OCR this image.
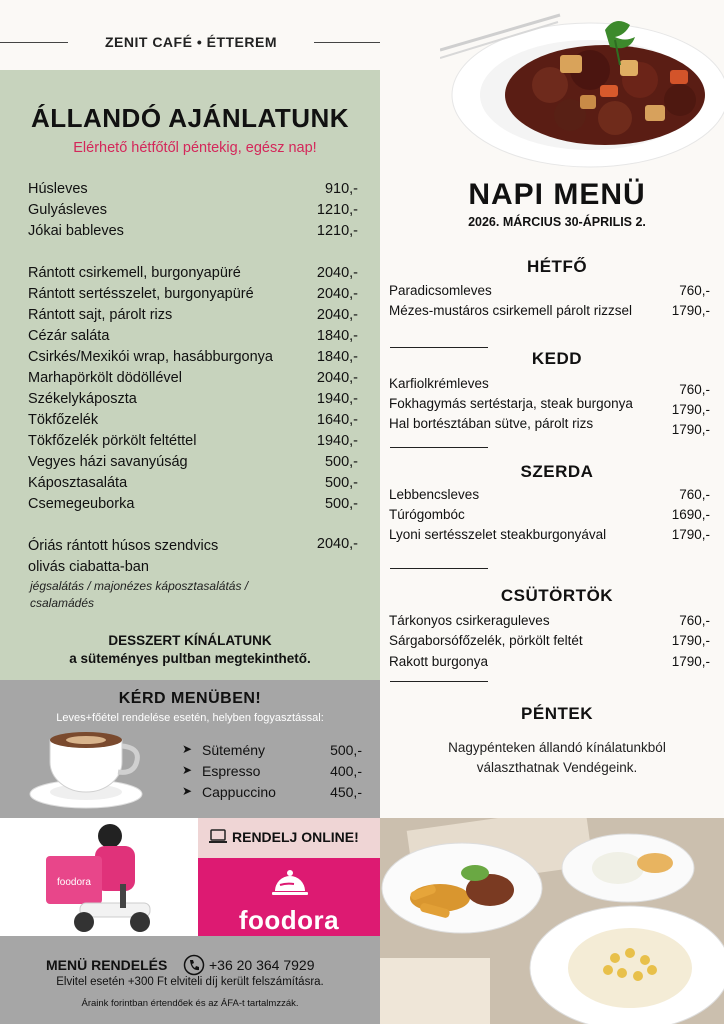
ZENIT CAFÉ • ÉTTEREM
ÁLLANDÓ AJÁNLATUNK
Elérhető hétfőtől péntekig, egész nap!
Húsleves	910,-
Gulyásleves	1210,-
Jókai bableves	1210,-
Rántott csirkemell, burgonyapüré	2040,-
Rántott sertésszelet, burgonyapüré	2040,-
Rántott sajt, párolt rizs	2040,-
Cézár saláta	1840,-
Csirkés/Mexikói wrap, hasábburgonya	1840,-
Marhapörkölt dödöllével	2040,-
Székelykáposzta	1940,-
Tökfőzelék	1640,-
Tökfőzelék pörkölt feltéttel	1940,-
Vegyes házi savanyúság	500,-
Káposztasaláta	500,-
Csemegeuborka	500,-
Óriás rántott húsos szendvics	2040,-
olivás ciabatta-ban
jégsalátás / majonézes káposztasalátás / csalamádés
DESSZERT KÍNÁLATUNK
a süteményes pultban megtekinthető.
KÉRD MENÜBEN!
Leves+főétel rendelése esetén, helyben fogyasztással:
➤ Sütemény	500,-
➤ Espresso	400,-
➤ Cappuccino	450,-
NAPI MENÜ
2026. MÁRCIUS 30-ÁPRILIS 2.
HÉTFŐ
Paradicsomleves	760,-
Mézes-mustáros csirkemell párolt rizzsel	1790,-
KEDD
Karfiolkrémleves	760,-
Fokhagymás sertéstarja, steak burgonya	1790,-
Hal bortésztában sütve, párolt rizs	1790,-
SZERDA
Lebbencsleves	760,-
Túrógombóc	1690,-
Lyoni sertésszelet steakburgonyával	1790,-
CSÜTÖRTÖK
Tárkonyos csirkeraguleves	760,-
Sárgaborsófőzelék, pörkölt feltét	1790,-
Rakott burgonya	1790,-
PÉNTEK
Nagypénteken állandó kínálatunkból
választhatnak Vendégeink.
foodora
RENDELJ ONLINE!
foodora
MENÜ RENDELÉS	+36 20 364 7929
Elvitel esetén +300 Ft elviteli díj került felszámításra.
Áraink forintban értendőek és az ÁFA-t tartalmzzák.
